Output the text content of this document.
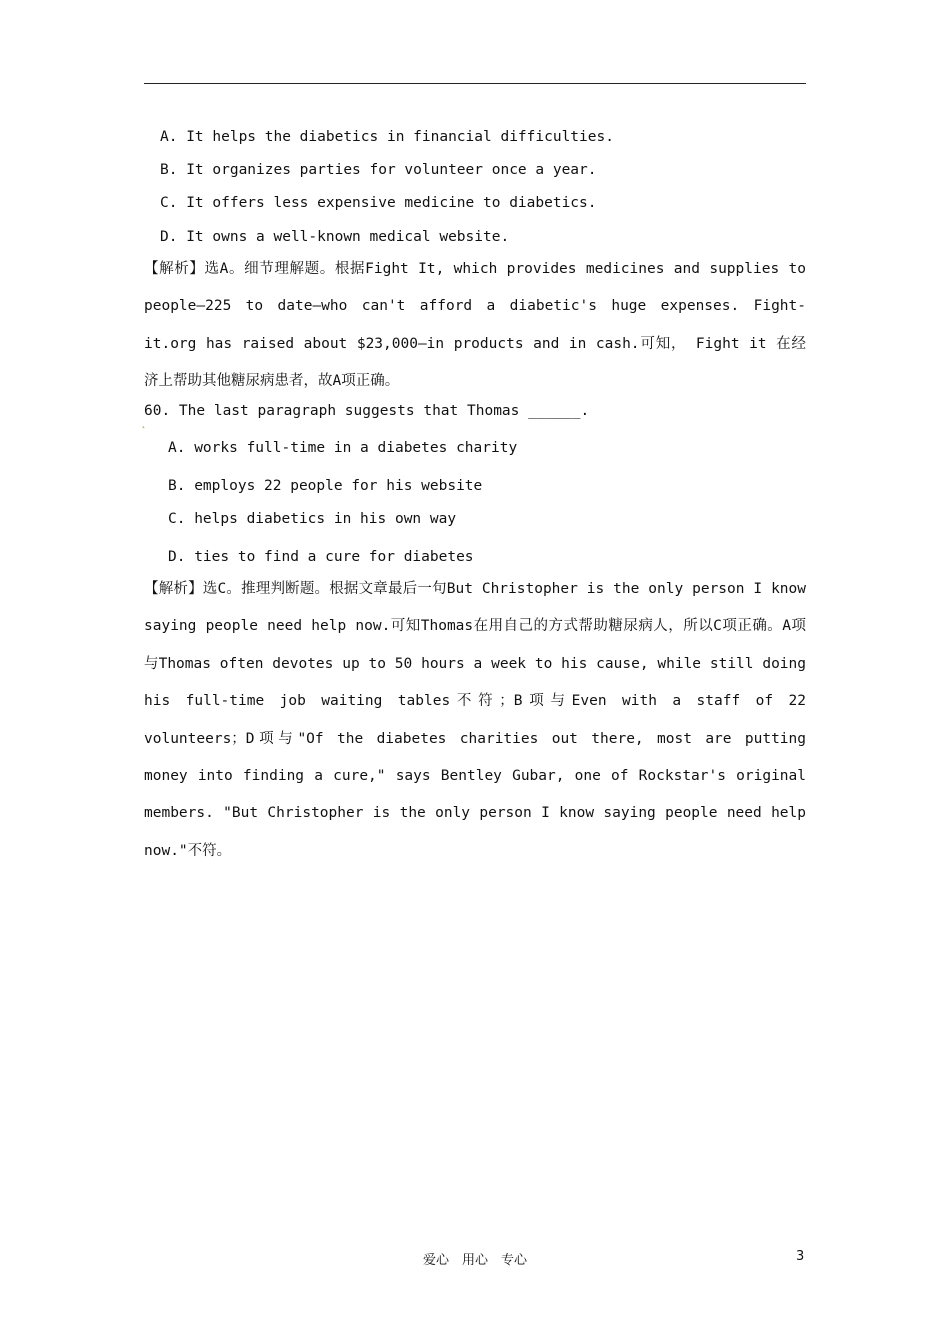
A. It helps the diabetics in financial difficulties.
B. It organizes parties for volunteer once a year.
C. It offers less expensive medicine to diabetics.
D. It owns a well-known medical website.
【解析】选A。细节理解题。根据Fight It, which provides medicines and supplies to people—225 to date—who can't afford a diabetic's huge expenses. Fight-it.org has raised about $23,000—in products and in cash.可知， Fight it 在经济上帮助其他糖尿病患者，故A项正确。
˛
60. The last paragraph suggests that Thomas ______.
A. works full-time in a diabetes charity
B. employs 22 people for his website
C. helps diabetics in his own way
D. ties to find a cure for diabetes
【解析】选C。推理判断题。根据文章最后一句But Christopher is the only person I know saying people need help now.可知Thomas在用自己的方式帮助糖尿病人，所以C项正确。A项与Thomas often devotes up to 50 hours a week to his cause, while still doing his full-time job waiting tables不符；B项与Even with a staff of 22 volunteers；D项与"Of the diabetes charities out there, most are putting money into finding a cure," says Bentley Gubar, one of Rockstar's original members. "But Christopher is the only person I know saying people need help now."不符。
爱心　用心　专心	3
